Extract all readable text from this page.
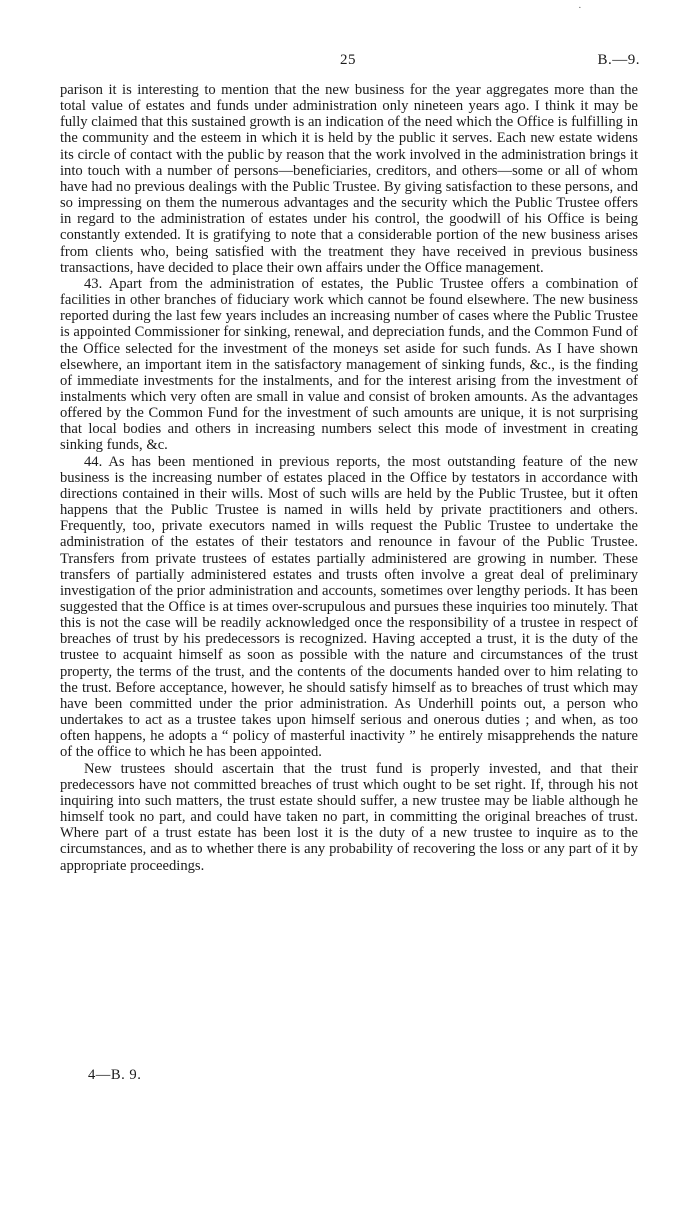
·
25	B.—9.

parison it is interesting to mention that the new business for the year aggregates more than the total value of estates and funds under administration only nineteen years ago. I think it may be fully claimed that this sustained growth is an indication of the need which the Office is fulfilling in the community and the esteem in which it is held by the public it serves. Each new estate widens its circle of contact with the public by reason that the work involved in the administration brings it into touch with a number of persons—beneficiaries, creditors, and others—some or all of whom have had no previous dealings with the Public Trustee. By giving satisfaction to these persons, and so impressing on them the numerous advantages and the security which the Public Trustee offers in regard to the administration of estates under his control, the goodwill of his Office is being constantly extended. It is gratifying to note that a considerable portion of the new business arises from clients who, being satisfied with the treatment they have received in previous business transactions, have decided to place their own affairs under the Office management.

43. Apart from the administration of estates, the Public Trustee offers a combination of facilities in other branches of fiduciary work which cannot be found elsewhere. The new business reported during the last few years includes an increasing number of cases where the Public Trustee is appointed Commissioner for sinking, renewal, and depreciation funds, and the Common Fund of the Office selected for the investment of the moneys set aside for such funds. As I have shown elsewhere, an important item in the satisfactory management of sinking funds, &c., is the finding of immediate investments for the instalments, and for the interest arising from the investment of instalments which very often are small in value and consist of broken amounts. As the advantages offered by the Common Fund for the investment of such amounts are unique, it is not surprising that local bodies and others in increasing numbers select this mode of investment in creating sinking funds, &c.

44. As has been mentioned in previous reports, the most outstanding feature of the new business is the increasing number of estates placed in the Office by testators in accordance with directions contained in their wills. Most of such wills are held by the Public Trustee, but it often happens that the Public Trustee is named in wills held by private practitioners and others. Frequently, too, private executors named in wills request the Public Trustee to undertake the administration of the estates of their testators and renounce in favour of the Public Trustee. Transfers from private trustees of estates partially administered are growing in number. These transfers of partially administered estates and trusts often involve a great deal of preliminary investigation of the prior administration and accounts, sometimes over lengthy periods. It has been suggested that the Office is at times over-scrupulous and pursues these inquiries too minutely. That this is not the case will be readily acknowledged once the responsibility of a trustee in respect of breaches of trust by his predecessors is recognized. Having accepted a trust, it is the duty of the trustee to acquaint himself as soon as possible with the nature and circumstances of the trust property, the terms of the trust, and the contents of the documents handed over to him relating to the trust. Before acceptance, however, he should satisfy himself as to breaches of trust which may have been committed under the prior administration. As Underhill points out, a person who undertakes to act as a trustee takes upon himself serious and onerous duties ; and when, as too often happens, he adopts a “ policy of masterful inactivity ” he entirely misapprehends the nature of the office to which he has been appointed.

New trustees should ascertain that the trust fund is properly invested, and that their predecessors have not committed breaches of trust which ought to be set right. If, through his not inquiring into such matters, the trust estate should suffer, a new trustee may be liable although he himself took no part, and could have taken no part, in committing the original breaches of trust. Where part of a trust estate has been lost it is the duty of a new trustee to inquire as to the circumstances, and as to whether there is any probability of recovering the loss or any part of it by appropriate proceedings.

4—B. 9.
